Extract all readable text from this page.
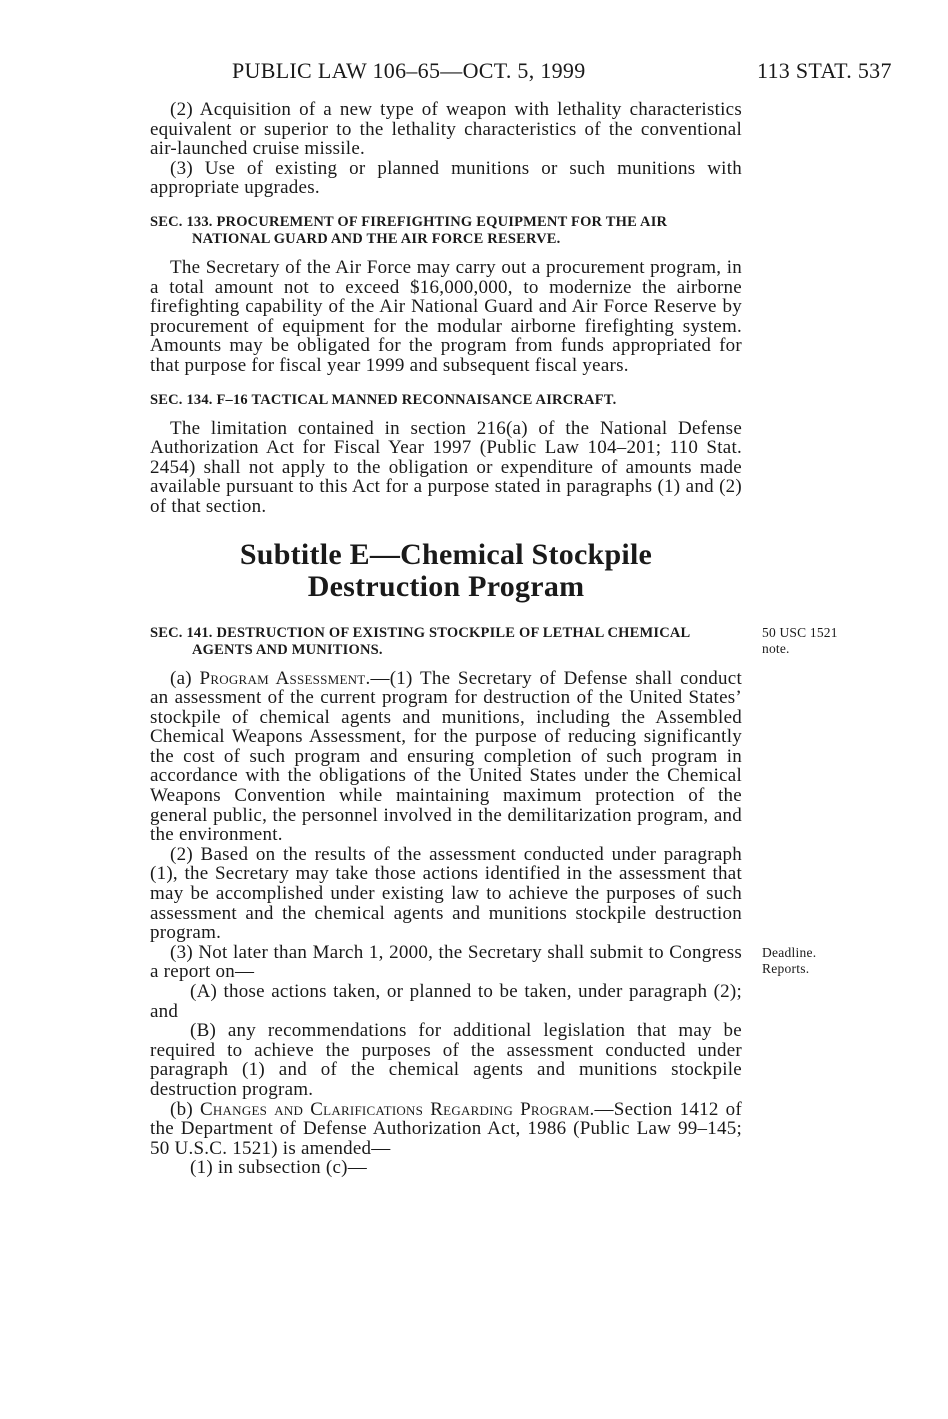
PUBLIC LAW 106–65—OCT. 5, 1999	113 STAT. 537

(2) Acquisition of a new type of weapon with lethality characteristics equivalent or superior to the lethality characteristics of the conventional air-launched cruise missile.

(3) Use of existing or planned munitions or such munitions with appropriate upgrades.

SEC. 133. PROCUREMENT OF FIREFIGHTING EQUIPMENT FOR THE AIR NATIONAL GUARD AND THE AIR FORCE RESERVE.

The Secretary of the Air Force may carry out a procurement program, in a total amount not to exceed $16,000,000, to modernize the airborne firefighting capability of the Air National Guard and Air Force Reserve by procurement of equipment for the modular airborne firefighting system. Amounts may be obligated for the program from funds appropriated for that purpose for fiscal year 1999 and subsequent fiscal years.

SEC. 134. F–16 TACTICAL MANNED RECONNAISANCE AIRCRAFT.

The limitation contained in section 216(a) of the National Defense Authorization Act for Fiscal Year 1997 (Public Law 104–201; 110 Stat. 2454) shall not apply to the obligation or expenditure of amounts made available pursuant to this Act for a purpose stated in paragraphs (1) and (2) of that section.

Subtitle E—Chemical Stockpile Destruction Program
SEC. 141. DESTRUCTION OF EXISTING STOCKPILE OF LETHAL CHEMICAL AGENTS AND MUNITIONS.
50 USC 1521 note.

(a) Program Assessment.—(1) The Secretary of Defense shall conduct an assessment of the current program for destruction of the United States’ stockpile of chemical agents and munitions, including the Assembled Chemical Weapons Assessment, for the purpose of reducing significantly the cost of such program and ensuring completion of such program in accordance with the obligations of the United States under the Chemical Weapons Convention while maintaining maximum protection of the general public, the personnel involved in the demilitarization program, and the environment.

(2) Based on the results of the assessment conducted under paragraph (1), the Secretary may take those actions identified in the assessment that may be accomplished under existing law to achieve the purposes of such assessment and the chemical agents and munitions stockpile destruction program.

(3) Not later than March 1, 2000, the Secretary shall submit to Congress a report on—
Deadline. Reports.

(A) those actions taken, or planned to be taken, under paragraph (2); and

(B) any recommendations for additional legislation that may be required to achieve the purposes of the assessment conducted under paragraph (1) and of the chemical agents and munitions stockpile destruction program.

(b) Changes and Clarifications Regarding Program.—Section 1412 of the Department of Defense Authorization Act, 1986 (Public Law 99–145; 50 U.S.C. 1521) is amended—

(1) in subsection (c)—
